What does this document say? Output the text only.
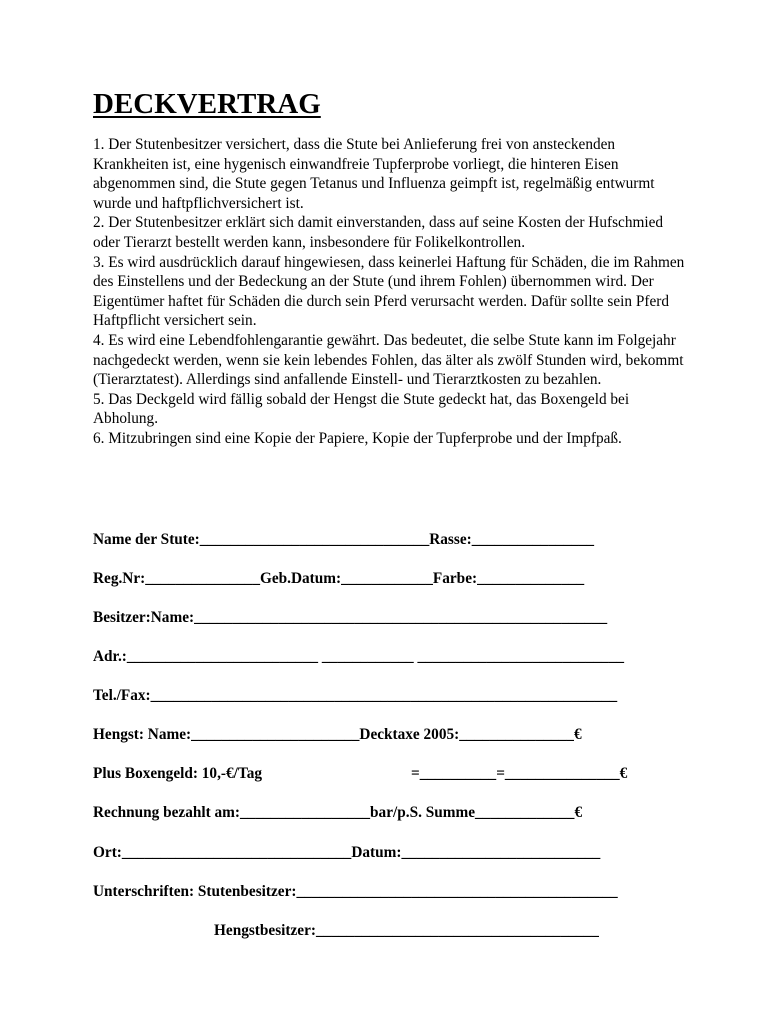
DECKVERTRAG

1. Der Stutenbesitzer versichert, dass die Stute bei Anlieferung frei von ansteckenden Krankheiten ist, eine hygenisch einwandfreie Tupferprobe vorliegt, die hinteren Eisen abgenommen sind, die Stute gegen Tetanus und Influenza geimpft ist, regelmäßig entwurmt wurde und haftpflichversichert ist.

2. Der Stutenbesitzer erklärt sich damit einverstanden, dass auf seine Kosten der Hufschmied oder Tierarzt bestellt werden kann, insbesondere für Folikelkontrollen.

3. Es wird ausdrücklich darauf hingewiesen, dass keinerlei Haftung für Schäden, die im Rahmen des Einstellens und der Bedeckung an der Stute (und ihrem Fohlen) übernommen wird. Der Eigentümer haftet für Schäden die durch sein Pferd verursacht werden. Dafür sollte sein Pferd Haftpflicht versichert sein.

4. Es wird eine Lebendfohlengarantie gewährt. Das bedeutet, die selbe Stute kann im Folgejahr nachgedeckt werden, wenn sie kein lebendes Fohlen, das älter als zwölf Stunden wird, bekommt (Tierarztatest). Allerdings sind anfallende Einstell- und Tierarztkosten zu bezahlen.

5. Das Deckgeld wird fällig sobald der Hengst die Stute gedeckt hat, das Boxengeld bei Abholung.

6. Mitzubringen sind eine Kopie der Papiere, Kopie der Tupferprobe und der Impfpaß.

Name der Stute:______________________________Rasse:________________
Reg.Nr:_______________Geb.Datum:____________Farbe:______________
Besitzer:Name:______________________________________________________
Adr.:_________________________ ____________ ___________________________
Tel./Fax:_____________________________________________________________
Hengst: Name:______________________Decktaxe 2005:_______________€
Plus Boxengeld: 10,-€/Tag	=__________=_______________€
Rechnung bezahlt am:_________________bar/p.S. Summe_____________€
Ort:______________________________Datum:__________________________
Unterschriften: Stutenbesitzer:__________________________________________
Hengstbesitzer:_____________________________________
